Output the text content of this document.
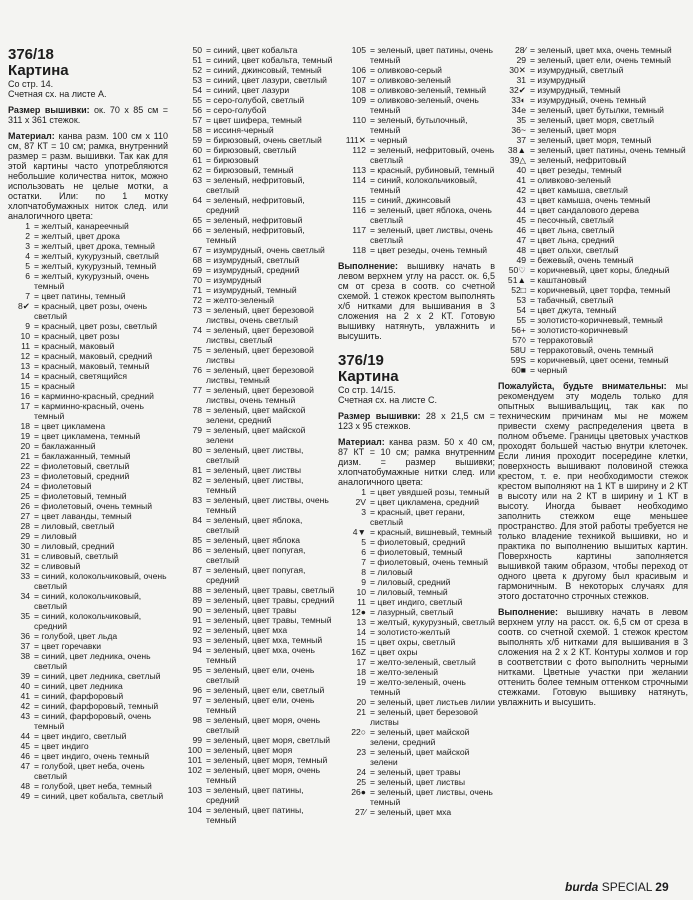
376/18
Картина
Со стр. 14.
Счетная сх. на листе А.
Размер вышивки: ок. 70 x 85 см = 311 x 361 стежок.
Материал: канва разм. 100 см x 110 см, 87 КТ = 10 см; рамка, внутренний размер = разм. вышивки. Так как для этой картины часто употребляются небольшие количества ниток, можно использовать не целые мотки, а остатки. Или: по 1 мотку хлопчатобумажных ниток след. или аналогичного цвета:
1 = желтый, канареечный
2 = желтый, цвет дрока
3 = желтый, цвет дрока, темный
4 = желтый, кукурузный, светлый
5 = желтый, кукурузный, темный
6 = желтый, кукурузный, очень темный
7 = цвет патины, темный
8✔ = красный, цвет розы, очень светлый
9 = красный, цвет розы, светлый
10 = красный, цвет розы
11 = красный, маковый
12 = красный, маковый, средний
13 = красный, маковый, темный
14 = красный, светящийся
15 = красный
16 = карминно-красный, средний
17 = карминно-красный, очень темный
18 = цвет цикламена
19 = цвет цикламена, темный
20 = баклажанный
21 = баклажанный, темный
22 = фиолетовый, светлый
23 = фиолетовый, средний
24 = фиолетовый
25 = фиолетовый, темный
26 = фиолетовый, очень темный
27 = цвет лаванды, темный
28 = лиловый, светлый
29 = лиловый
30 = лиловый, средний
31 = сливовый, светлый
32 = сливовый
33 = синий, колокольчиковый, очень светлый
34 = синий, колокольчиковый, светлый
35 = синий, колокольчиковый, средний
36 = голубой, цвет льда
37 = цвет горечавки
38 = синий, цвет ледника, очень светлый
39 = синий, цвет ледника, светлый
40 = синий, цвет ледника
41 = синий, фарфоровый
42 = синий, фарфоровый, темный
43 = синий, фарфоровый, очень темный
44 = цвет индиго, светлый
45 = цвет индиго
46 = цвет индиго, очень темный
47 = голубой, цвет неба, очень светлый
48 = голубой, цвет неба, темный
49 = синий, цвет кобальта, светлый
50 = синий, цвет кобальта
51 = синий, цвет кобальта, темный
52 = синий, джинсовый, темный
53 = синий, цвет лазури, светлый
54 = синий, цвет лазури
55 = серо-голубой, светлый
56 = серо-голубой
57 = цвет шифера, темный
58 = иссиня-черный
59 = бирюзовый, очень светлый
60 = бирюзовый, светлый
61 = бирюзовый
62 = бирюзовый, темный
63 = зеленый, нефритовый, светлый
64 = зеленый, нефритовый, средний
65 = зеленый, нефритовый
66 = зеленый, нефритовый, темный
67 = изумрудный, очень светлый
68 = изумрудный, светлый
69 = изумрудный, средний
70 = изумрудный
71 = изумрудный, темный
72 = желто-зеленый
73 = зеленый, цвет березовой листвы, очень светлый
74 = зеленый, цвет березовой листвы, светлый
75 = зеленый, цвет березовой листвы
76 = зеленый, цвет березовой листвы, темный
77 = зеленый, цвет березовой листвы, очень темный
78 = зеленый, цвет майской зелени, средний
79 = зеленый, цвет майской зелени
80 = зеленый, цвет листвы, светлый
81 = зеленый, цвет листвы
82 = зеленый, цвет листвы, темный
83 = зеленый, цвет листвы, очень темный
84 = зеленый, цвет яблока, светлый
85 = зеленый, цвет яблока
86 = зеленый, цвет попугая, светлый
87 = зеленый, цвет попугая, средний
88 = зеленый, цвет травы, светлый
89 = зеленый, цвет травы, средний
90 = зеленый, цвет травы
91 = зеленый, цвет травы, темный
92 = зеленый, цвет мха
93 = зеленый, цвет мха, темный
94 = зеленый, цвет мха, очень темный
95 = зеленый, цвет ели, очень светлый
96 = зеленый, цвет ели, светлый
97 = зеленый, цвет ели, очень темный
98 = зеленый, цвет моря, очень светлый
99 = зеленый, цвет моря, светлый
100 = зеленый, цвет моря
101 = зеленый, цвет моря, темный
102 = зеленый, цвет моря, очень темный
103 = зеленый, цвет патины, средний
104 = зеленый, цвет патины, темный
105 = зеленый, цвет патины, очень темный
106 = оливково-серый
107 = оливково-зеленый
108 = оливково-зеленый, темный
109 = оливково-зеленый, очень темный
110 = зеленый, бутылочный, темный
111✕ = черный
112 = зеленый, нефритовый, очень светлый
113 = красный, рубиновый, темный
114 = синий, колокольчиковый, темный
115 = синий, джинсовый
116 = зеленый, цвет яблока, очень светлый
117 = зеленый, цвет листвы, очень светлый
118 = цвет резеды, очень темный
Выполнение: вышивку начать в левом верхнем углу на расст. ок. 6,5 см от среза в соотв. со счетной схемой. 1 стежок крестом выполнять х/б нитками для вышивания в 3 сложения на 2 x 2 КТ. Готовую вышивку натянуть, увлажнить и высушить.
376/19
Картина
Со стр. 14/15.
Счетная сх. на листе С.
Размер вышивки: 28 x 21,5 см = 123 x 95 стежков.
Материал: канва разм. 50 x 40 см, 87 КТ = 10 см; рамка внутренним дизм. = размер вышивки; хлопчатобумажные нитки след. или аналогичного цвета:
1 = цвет увядшей розы, темный
2V = цвет цикламена, средний
3 = красный, цвет герани, светлый
4▼ = красный, вишневый, темный
5 = фиолетовый, средний
6 = фиолетовый, темный
7 = фиолетовый, очень темный
8 = лиловый
9 = лиловый, средний
10 = лиловый, темный
11 = цвет индиго, светлый
12● = лазурный, светлый
13 = желтый, кукурузный, светлый
14 = золотисто-желтый
15 = цвет охры, светлый
16Z = цвет охры
17 = желто-зеленый, светлый
18 = желто-зеленый
19 = желто-зеленый, очень темный
20 = зеленый, цвет листьев лилии
21 = зеленый, цвет березовой листвы
22○ = зеленый, цвет майской зелени, средний
23 = зеленый, цвет майской зелени
24 = зеленый, цвет травы
25 = зеленый, цвет листвы
26● = зеленый, цвет листвы, очень темный
27⁄ = зеленый, цвет мха
28⁄ = зеленый, цвет мха, очень темный
29 = зеленый, цвет ели, очень темный
30✕ = изумрудный, светлый
31 = изумрудный
32✔ = изумрудный, темный
33◐ = изумрудный, очень темный
34е = зеленый, цвет бутылки, темный
35 = зеленый, цвет моря, светлый
36~ = зеленый, цвет моря
37 = зеленый, цвет моря, темный
38▲ = зеленый, цвет патины, очень темный
39△ = зеленый, нефритовый
40 = цвет резеды, темный
41 = оливково-зеленый
42 = цвет камыша, светлый
43 = цвет камыша, очень темный
44 = цвет сандалового дерева
45 = песочный, светлый
46 = цвет льна, светлый
47 = цвет льна, средний
48 = цвет ольхи, светлый
49 = бежевый, очень темный
50♡ = коричневый, цвет коры, бледный
51▲ = каштановый
52□ = коричневый, цвет торфа, темный
53 = табачный, светлый
54 = цвет джута, темный
55 = золотисто-коричневый, темный
56+ = золотисто-коричневый
57◊ = терракотовый
58U = терракотовый, очень темный
59S = коричневый, цвет осени, темный
60■ = черный
Пожалуйста, будьте внимательны: мы рекомендуем эту модель только для опытных вышивальщиц, так как по техническим причинам мы не можем привести схему распределения цвета в полном объеме. Границы цветовых участков проходят большей частью внутри клеточек. Если линия проходит посередине клетки, поверхность вышивают половиной стежка крестом, т. е. при необходимости стежок крестом выполняют на 1 КТ в ширину и 2 КТ в высоту или на 2 КТ в ширину и 1 КТ в высоту. Иногда бывает необходимо заполнить стежком еще меньшее пространство. Для этой работы требуется не только владение техникой вышивки, но и практика по выполнению вышитых картин. Поверхность картины заполняется вышивкой таким образом, чтобы переход от одного цвета к другому был красивым и гармоничным. В некоторых случаях для этого достаточно строчных стежков.
Выполнение: вышивку начать в левом верхнем углу на расст. ок. 6,5 см от среза в соотв. со счетной схемой. 1 стежок крестом выполнять х/б нитками для вышивания в 3 сложения на 2 x 2 КТ. Контуры холмов и гор в соответствии с фото выполнить черными нитками. Цветные участки при желании оттенить более темным оттенком строчными стежками. Готовую вышивку натянуть, увлажнить и высушить.
burda SPECIAL 29
